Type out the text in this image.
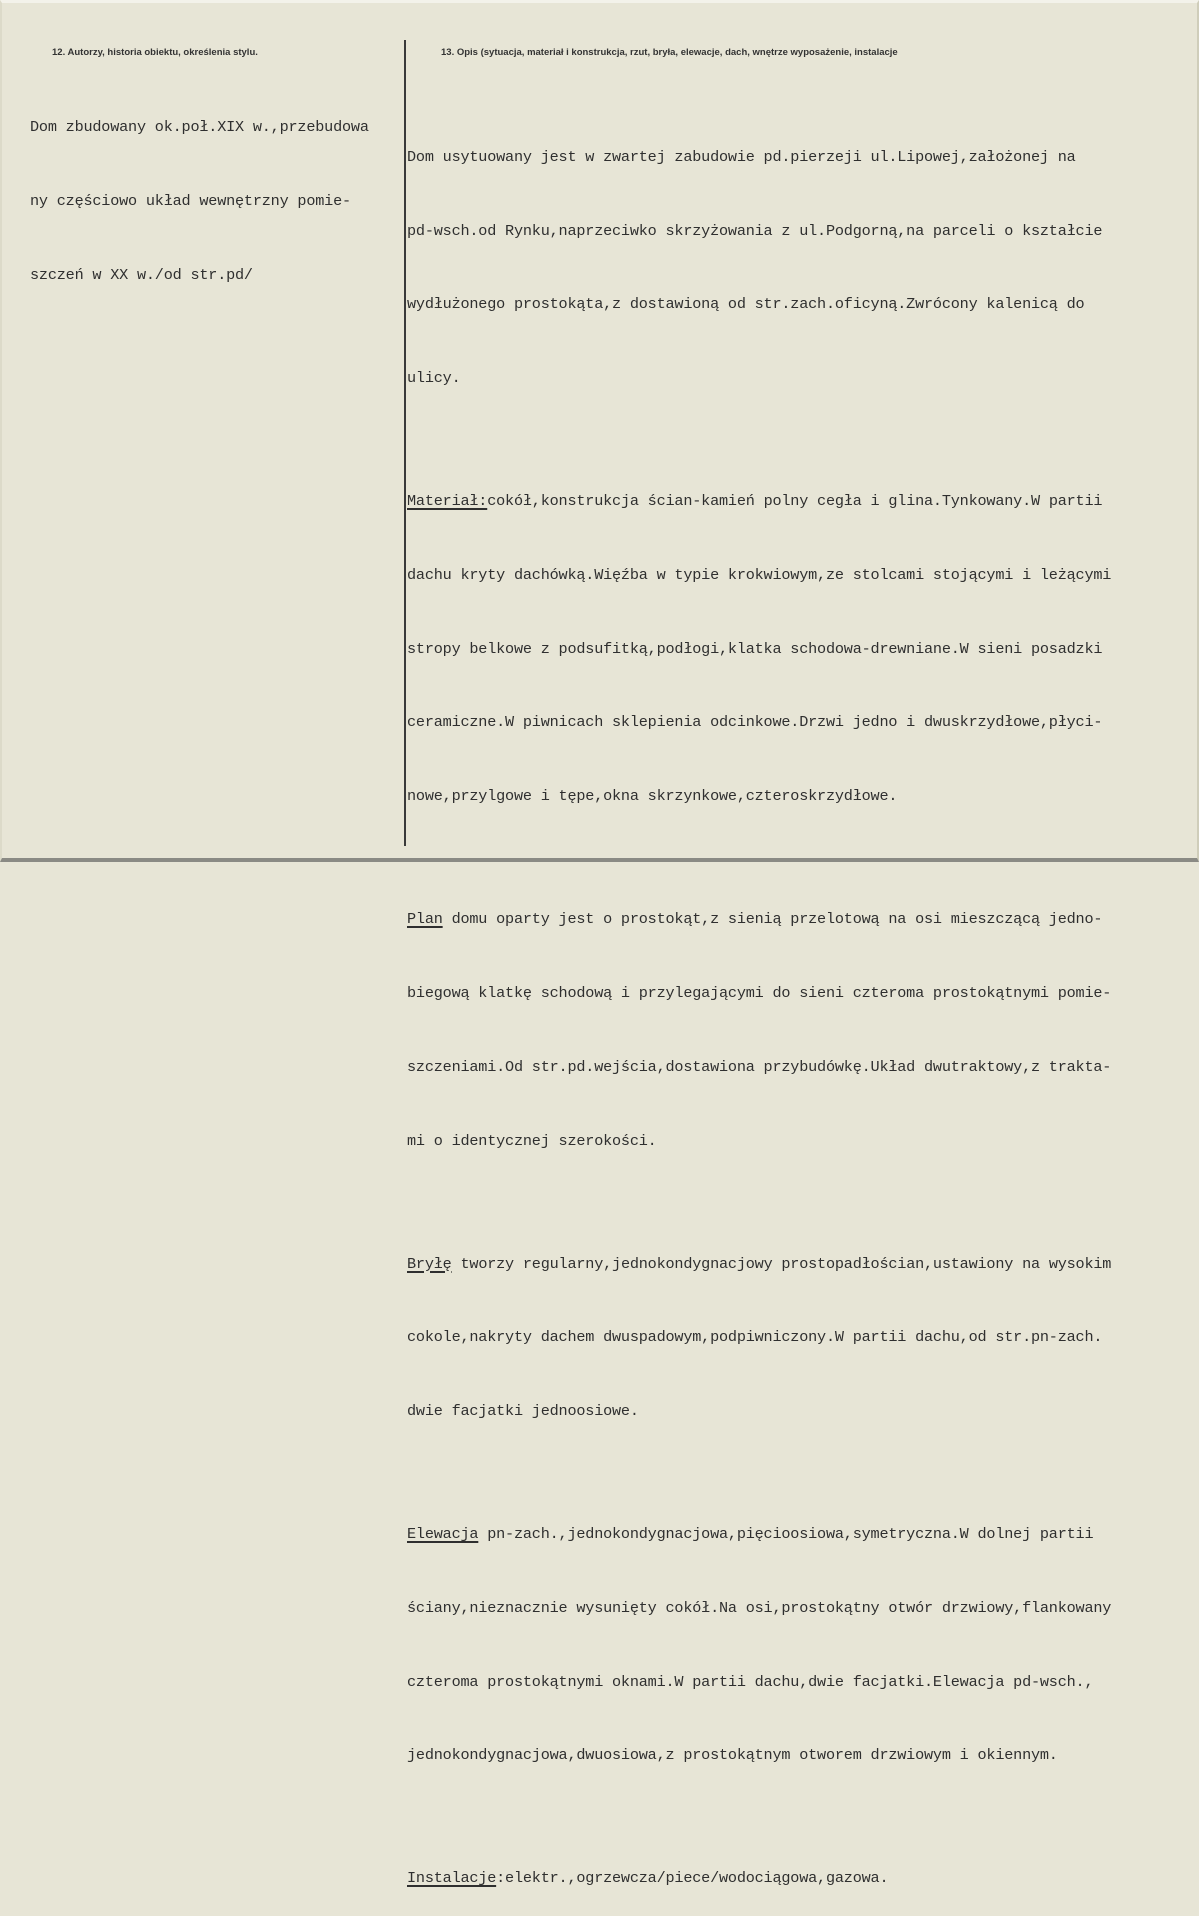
12. Autorzy, historia obiektu, określenia stylu.	13. Opis (sytuacja, materiał i konstrukcja, rzut, bryła, elewacje, dach, wnętrze wyposażenie, instalacje

Dom zbudowany ok.poł.XIX w.,przebudowa

ny częściowo układ wewnętrzny pomie-

szczeń w XX w./od str.pd/

Dom usytuowany jest w zwartej zabudowie pd.pierzeji ul.Lipowej,założonej na

pd-wsch.od Rynku,naprzeciwko skrzyżowania z ul.Podgorną,na parceli o kształcie

wydłużonego prostokąta,z dostawioną od str.zach.oficyną.Zwrócony kalenicą do

ulicy.

Materiał:cokół,konstrukcja ścian-kamień polny cegła i glina.Tynkowany.W partii

dachu kryty dachówką.Więźba w typie krokwiowym,ze stolcami stojącymi i leżącymi

stropy belkowe z podsufitką,podłogi,klatka schodowa-drewniane.W sieni posadzki

ceramiczne.W piwnicach sklepienia odcinkowe.Drzwi jedno i dwuskrzydłowe,płyci-

nowe,przylgowe i tępe,okna skrzynkowe,czteroskrzydłowe.

Plan domu oparty jest o prostokąt,z sienią przelotową na osi mieszczącą jedno-

biegową klatkę schodową i przylegającymi do sieni czteroma prostokątnymi pomie-

szczeniami.Od str.pd.wejścia,dostawiona przybudówkę.Układ dwutraktowy,z trakta-

mi o identycznej szerokości.

Bryłę tworzy regularny,jednokondygnacjowy prostopadłościan,ustawiony na wysokim

cokole,nakryty dachem dwuspadowym,podpiwniczony.W partii dachu,od str.pn-zach.

dwie facjatki jednoosiowe.

Elewacja pn-zach.,jednokondygnacjowa,pięcioosiowa,symetryczna.W dolnej partii

ściany,nieznacznie wysunięty cokół.Na osi,prostokątny otwór drzwiowy,flankowany

czteroma prostokątnymi oknami.W partii dachu,dwie facjatki.Elewacja pd-wsch.,

jednokondygnacjowa,dwuosiowa,z prostokątnym otworem drzwiowym i okiennym.

Instalacje:elektr.,ogrzewcza/piece/wodociągowa,gazowa.
